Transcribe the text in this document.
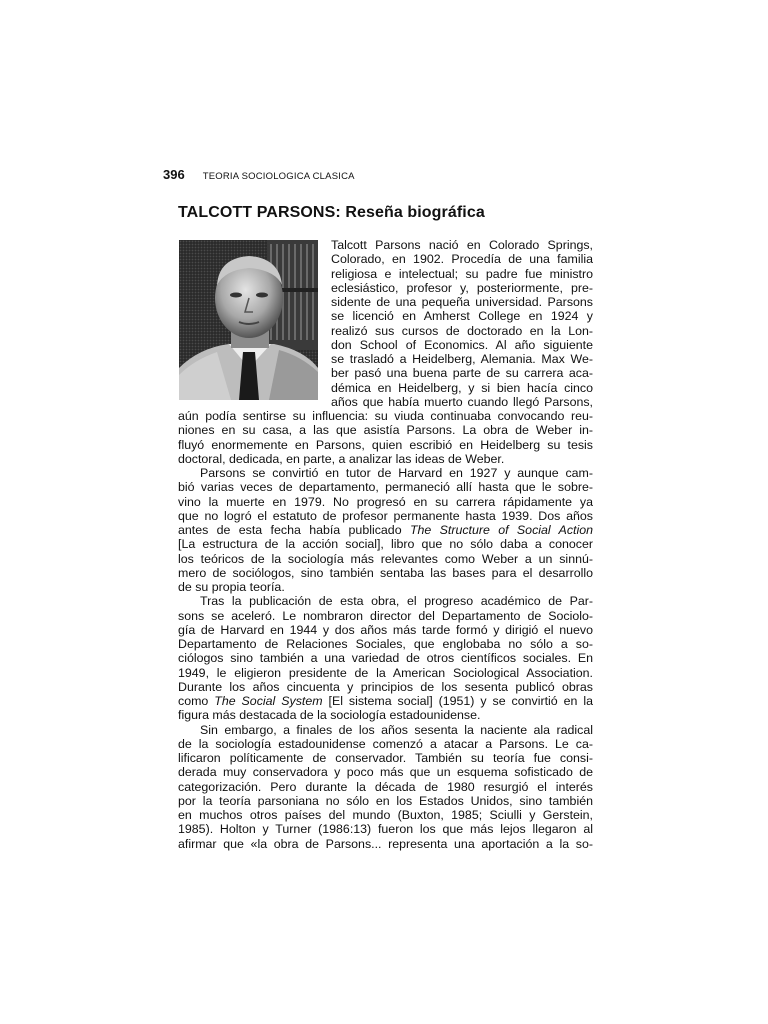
396 TEORIA SOCIOLOGICA CLASICA
TALCOTT PARSONS: Reseña biográfica
Talcott Parsons nació en Colorado Springs,
Colorado, en 1902. Procedía de una familia
religiosa e intelectual; su padre fue ministro
eclesiástico, profesor y, posteriormente, pre-
sidente de una pequeña universidad. Parsons
se licenció en Amherst College en 1924 y
realizó sus cursos de doctorado en la Lon-
don School of Economics. Al año siguiente
se trasladó a Heidelberg, Alemania. Max We-
ber pasó una buena parte de su carrera aca-
démica en Heidelberg, y si bien hacía cinco
años que había muerto cuando llegó Parsons,
aún podía sentirse su influencia: su viuda continuaba convocando reu-
niones en su casa, a las que asistía Parsons. La obra de Weber in-
fluyó enormemente en Parsons, quien escribió en Heidelberg su tesis
doctoral, dedicada, en parte, a analizar las ideas de Weber.
Parsons se convirtió en tutor de Harvard en 1927 y aunque cam-
bió varias veces de departamento, permaneció allí hasta que le sobre-
vino la muerte en 1979. No progresó en su carrera rápidamente ya
que no logró el estatuto de profesor permanente hasta 1939. Dos años
antes de esta fecha había publicado The Structure of Social Action
[La estructura de la acción social], libro que no sólo daba a conocer
los teóricos de la sociología más relevantes como Weber a un sinnú-
mero de sociólogos, sino también sentaba las bases para el desarrollo
de su propia teoría.
Tras la publicación de esta obra, el progreso académico de Par-
sons se aceleró. Le nombraron director del Departamento de Sociolo-
gía de Harvard en 1944 y dos años más tarde formó y dirigió el nuevo
Departamento de Relaciones Sociales, que englobaba no sólo a so-
ciólogos sino también a una variedad de otros científicos sociales. En
1949, le eligieron presidente de la American Sociological Association.
Durante los años cincuenta y principios de los sesenta publicó obras
como The Social System [El sistema social] (1951) y se convirtió en la
figura más destacada de la sociología estadounidense.
Sin embargo, a finales de los años sesenta la naciente ala radical
de la sociología estadounidense comenzó a atacar a Parsons. Le ca-
lificaron políticamente de conservador. También su teoría fue consi-
derada muy conservadora y poco más que un esquema sofisticado de
categorización. Pero durante la década de 1980 resurgió el interés
por la teoría parsoniana no sólo en los Estados Unidos, sino también
en muchos otros países del mundo (Buxton, 1985; Sciulli y Gerstein,
1985). Holton y Turner (1986:13) fueron los que más lejos llegaron al
afirmar que «la obra de Parsons... representa una aportación a la so-
